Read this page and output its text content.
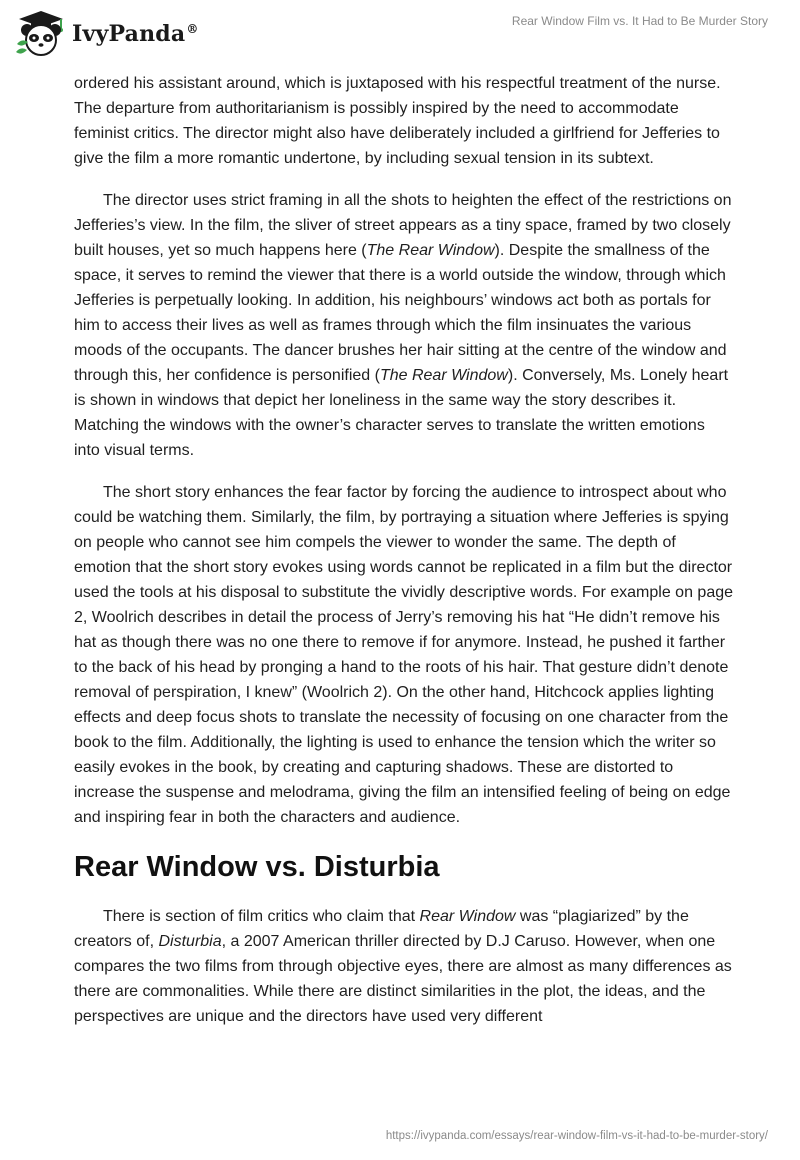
IvyPanda®
Rear Window Film vs. It Had to Be Murder Story

ordered his assistant around, which is juxtaposed with his respectful treatment of the nurse. The departure from authoritarianism is possibly inspired by the need to accommodate feminist critics. The director might also have deliberately included a girlfriend for Jefferies to give the film a more romantic undertone, by including sexual tension in its subtext.

The director uses strict framing in all the shots to heighten the effect of the restrictions on Jefferies’s view. In the film, the sliver of street appears as a tiny space, framed by two closely built houses, yet so much happens here (The Rear Window). Despite the smallness of the space, it serves to remind the viewer that there is a world outside the window, through which Jefferies is perpetually looking. In addition, his neighbours’ windows act both as portals for him to access their lives as well as frames through which the film insinuates the various moods of the occupants. The dancer brushes her hair sitting at the centre of the window and through this, her confidence is personified (The Rear Window). Conversely, Ms. Lonely heart is shown in windows that depict her loneliness in the same way the story describes it. Matching the windows with the owner’s character serves to translate the written emotions into visual terms.

The short story enhances the fear factor by forcing the audience to introspect about who could be watching them. Similarly, the film, by portraying a situation where Jefferies is spying on people who cannot see him compels the viewer to wonder the same. The depth of emotion that the short story evokes using words cannot be replicated in a film but the director used the tools at his disposal to substitute the vividly descriptive words. For example on page 2, Woolrich describes in detail the process of Jerry’s removing his hat “He didn’t remove his hat as though there was no one there to remove if for anymore. Instead, he pushed it farther to the back of his head by pronging a hand to the roots of his hair. That gesture didn’t denote removal of perspiration, I knew” (Woolrich 2). On the other hand, Hitchcock applies lighting effects and deep focus shots to translate the necessity of focusing on one character from the book to the film. Additionally, the lighting is used to enhance the tension which the writer so easily evokes in the book, by creating and capturing shadows. These are distorted to increase the suspense and melodrama, giving the film an intensified feeling of being on edge and inspiring fear in both the characters and audience.

Rear Window vs. Disturbia

There is section of film critics who claim that Rear Window was “plagiarized” by the creators of, Disturbia, a 2007 American thriller directed by D.J Caruso. However, when one compares the two films from through objective eyes, there are almost as many differences as there are commonalities. While there are distinct similarities in the plot, the ideas, and the perspectives are unique and the directors have used very different

https://ivypanda.com/essays/rear-window-film-vs-it-had-to-be-murder-story/
